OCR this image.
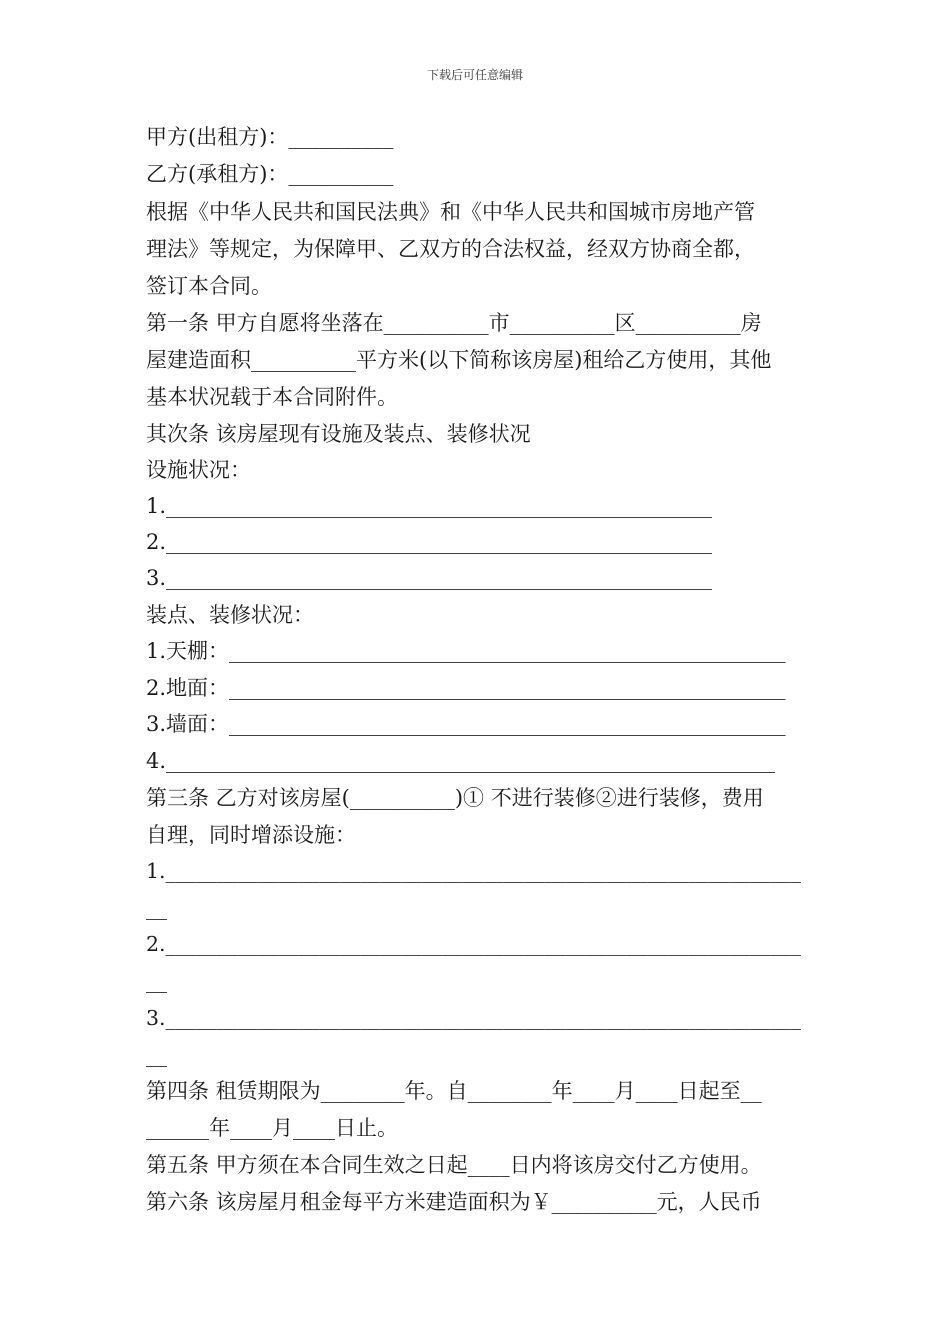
下载后可任意编辑
甲方(出租方)：__________
乙方(承租方)：__________
根据《中华人民共和国民法典》和《中华人民共和国城市房地产管
理法》等规定，为保障甲、乙双方的合法权益，经双方协商全都，
签订本合同。
第一条 甲方自愿将坐落在__________市__________区__________房
屋建造面积__________平方米(以下简称该房屋)租给乙方使用，其他
基本状况载于本合同附件。
其次条 该房屋现有设施及装点、装修状况
设施状况：
1.____________________________________________________
2.____________________________________________________
3.____________________________________________________
装点、装修状况：
1.天棚：_____________________________________________________
2.地面：_____________________________________________________
3.墙面：_____________________________________________________
4.__________________________________________________________
第三条 乙方对该房屋(__________)① 不进行装修②进行装修，费用
自理，同时增添设施：
1.______________________________________________________________
__
2.______________________________________________________________
__
3.______________________________________________________________
__
第四条 租赁期限为________年。自________年____月____日起至__
______年____月____日止。
第五条 甲方须在本合同生效之日起____日内将该房交付乙方使用。
第六条 该房屋月租金每平方米建造面积为￥__________元，人民币
